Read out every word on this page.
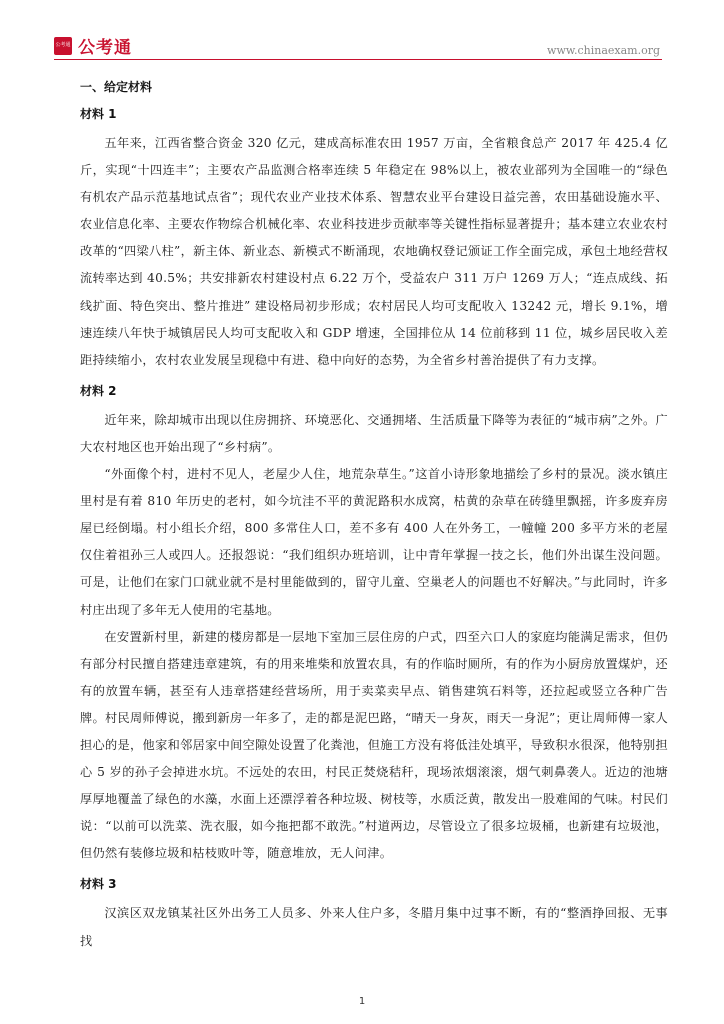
公考通 公考通	www.chinaexam.org
一、给定材料
材料 1

五年来，江西省整合资金 320 亿元，建成高标准农田 1957 万亩，全省粮食总产 2017 年 425.4 亿斤，实现“十四连丰”；主要农产品监测合格率连续 5 年稳定在 98%以上，被农业部列为全国唯一的“绿色有机农产品示范基地试点省”；现代农业产业技术体系、智慧农业平台建设日益完善，农田基础设施水平、农业信息化率、主要农作物综合机械化率、农业科技进步贡献率等关键性指标显著提升；基本建立农业农村改革的“四梁八柱”，新主体、新业态、新模式不断涌现，农地确权登记颁证工作全面完成，承包土地经营权流转率达到 40.5%；共安排新农村建设村点 6.22 万个，受益农户 311 万户 1269 万人；“连点成线、拓线扩面、特色突出、整片推进” 建设格局初步形成；农村居民人均可支配收入 13242 元，增长 9.1%，增速连续八年快于城镇居民人均可支配收入和 GDP 增速，全国排位从 14 位前移到 11 位，城乡居民收入差距持续缩小，农村农业发展呈现稳中有进、稳中向好的态势，为全省乡村善治提供了有力支撑。

材料 2

近年来，除却城市出现以住房拥挤、环境恶化、交通拥堵、生活质量下降等为表征的“城市病”之外。广大农村地区也开始出现了“乡村病”。

“外面像个村，进村不见人，老屋少人住，地荒杂草生。”这首小诗形象地描绘了乡村的景况。淡水镇庄里村是有着 810 年历史的老村，如今坑洼不平的黄泥路积水成窝，枯黄的杂草在砖缝里飘摇，许多废弃房屋已经倒塌。村小组长介绍，800 多常住人口，差不多有 400 人在外务工，一幢幢 200 多平方米的老屋仅住着祖孙三人或四人。还报怨说：“我们组织办班培训，让中青年掌握一技之长，他们外出谋生没问题。可是，让他们在家门口就业就不是村里能做到的，留守儿童、空巢老人的问题也不好解决。”与此同时，许多村庄出现了多年无人使用的宅基地。

在安置新村里，新建的楼房都是一层地下室加三层住房的户式，四至六口人的家庭均能满足需求，但仍有部分村民擅自搭建违章建筑，有的用来堆柴和放置农具，有的作临时厕所，有的作为小厨房放置煤炉，还有的放置车辆，甚至有人违章搭建经营场所，用于卖菜卖早点、销售建筑石料等，还拉起或竖立各种广告牌。村民周师傅说，搬到新房一年多了，走的都是泥巴路，“晴天一身灰，雨天一身泥”；更让周师傅一家人担心的是，他家和邻居家中间空隙处设置了化粪池，但施工方没有将低洼处填平，导致积水很深，他特别担心 5 岁的孙子会掉进水坑。不远处的农田，村民正焚烧秸秆，现场浓烟滚滚，烟气刺鼻袭人。近边的池塘厚厚地覆盖了绿色的水藻，水面上还漂浮着各种垃圾、树枝等，水质泛黄，散发出一股难闻的气味。村民们说：“以前可以洗菜、洗衣服，如今拖把都不敢洗。”村道两边，尽管设立了很多垃圾桶，也新建有垃圾池，但仍然有装修垃圾和枯枝败叶等，随意堆放，无人问津。

材料 3

汉滨区双龙镇某社区外出务工人员多、外来人住户多，冬腊月集中过事不断，有的“整酒挣回报、无事找

1
